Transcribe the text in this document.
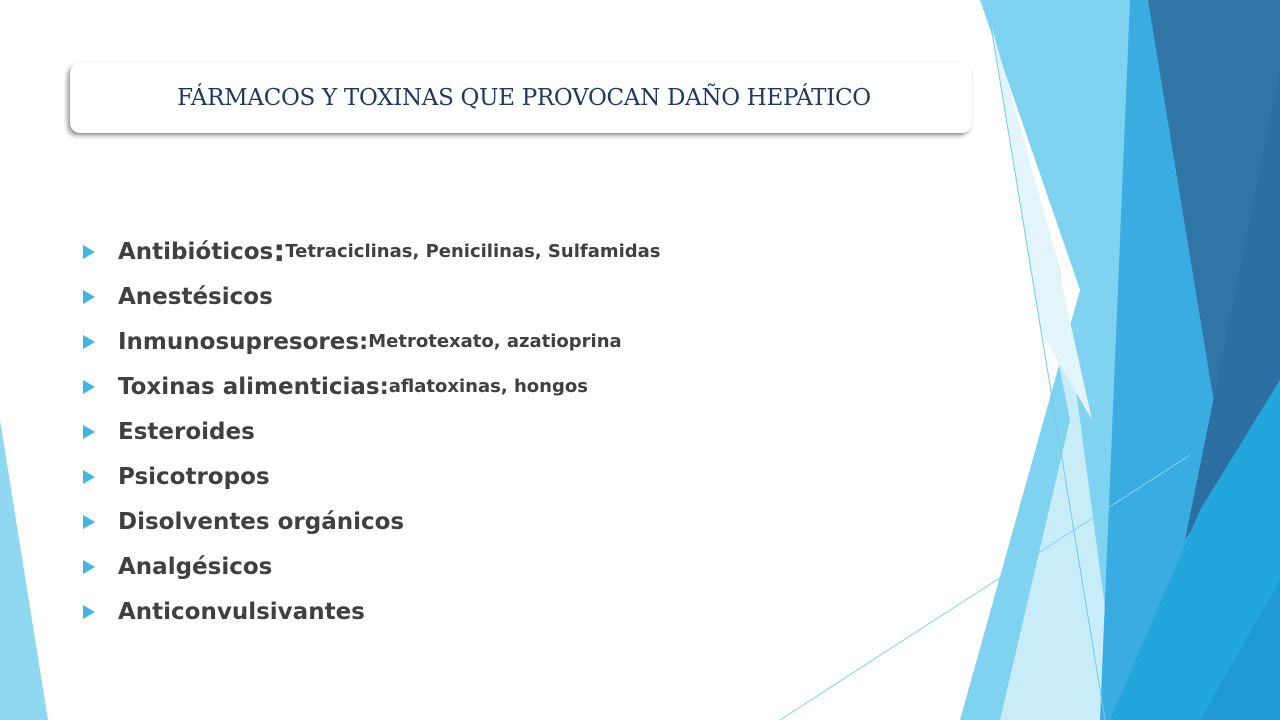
FÁRMACOS Y TOXINAS QUE PROVOCAN DAÑO HEPÁTICO
Antibióticos : Tetraciclinas, Penicilinas, Sulfamidas
Anestésicos
Inmunosupresores: Metrotexato, azatioprina
Toxinas alimenticias: aflatoxinas, hongos
Esteroides
Psicotropos
Disolventes orgánicos
Analgésicos
Anticonvulsivantes
